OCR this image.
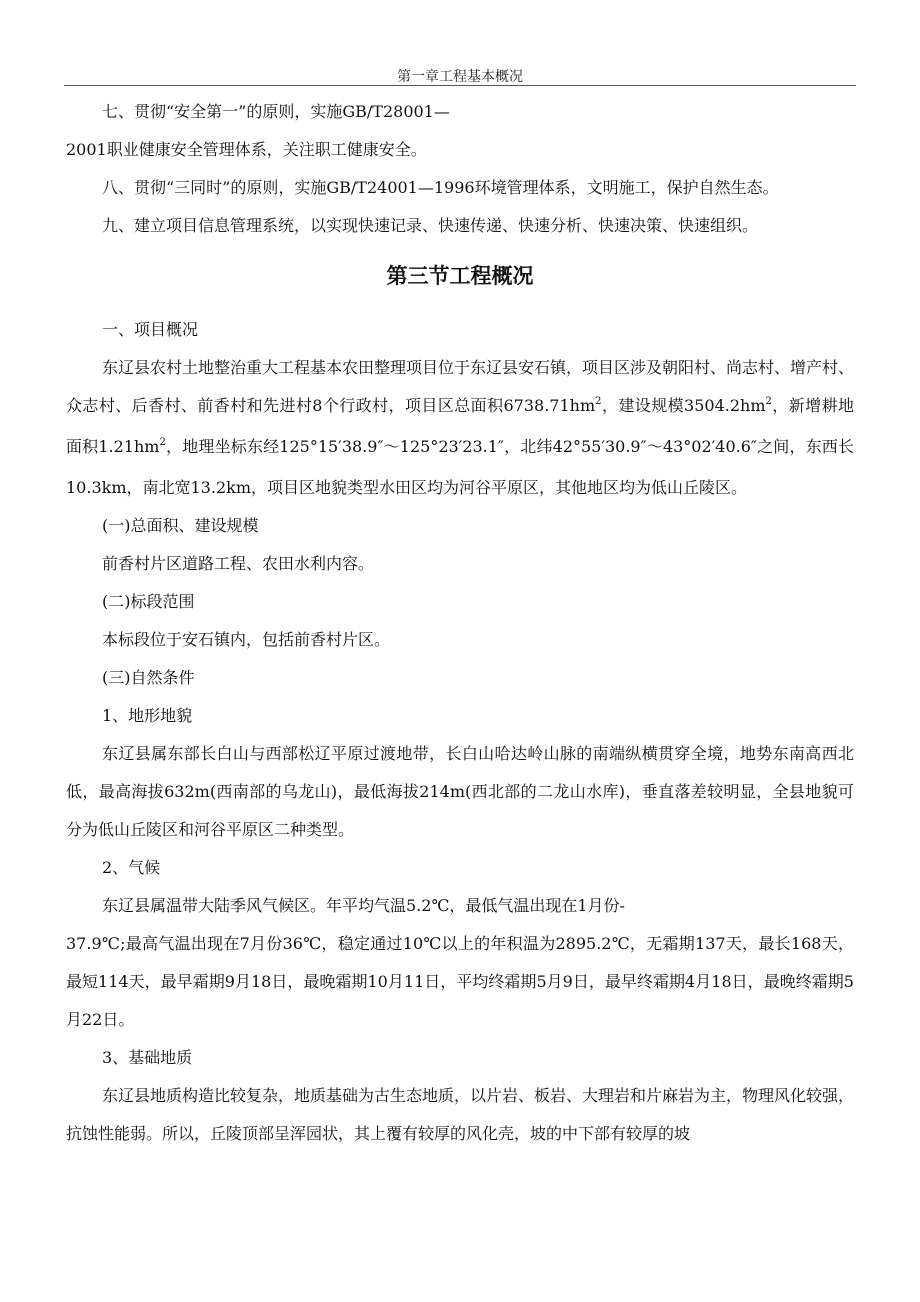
第一章工程基本概况

七、贯彻“安全第一”的原则，实施GB/T28001—

2001职业健康安全管理体系，关注职工健康安全。

八、贯彻“三同时”的原则，实施GB/T24001—1996环境管理体系，文明施工，保护自然生态。

九、建立项目信息管理系统，以实现快速记录、快速传递、快速分析、快速决策、快速组织。

第三节工程概况

一、项目概况

东辽县农村土地整治重大工程基本农田整理项目位于东辽县安石镇，项目区涉及朝阳村、尚志村、增产村、众志村、后香村、前香村和先进村8个行政村，项目区总面积$6738.71hm^2$，建设规模$3504.2hm^2$，新增耕地面积$1.21hm^2$，地理坐标东经125°15′38.9″～125°23′23.1″，北纬42°55′30.9″～43°02′40.6″之间，东西长10.3km，南北宽13.2km，项目区地貌类型水田区均为河谷平原区，其他地区均为低山丘陵区。

(一)总面积、建设规模

前香村片区道路工程、农田水利内容。

(二)标段范围

本标段位于安石镇内，包括前香村片区。

(三)自然条件

1、地形地貌

东辽县属东部长白山与西部松辽平原过渡地带，长白山哈达岭山脉的南端纵横贯穿全境，地势东南高西北低，最高海拔632m(西南部的乌龙山)，最低海拔214m(西北部的二龙山水库)，垂直落差较明显，全县地貌可分为低山丘陵区和河谷平原区二种类型。

2、气候

东辽县属温带大陆季风气候区。年平均气温5.2℃，最低气温出现在1月份-

37.9℃;最高气温出现在7月份36℃，稳定通过10℃以上的年积温为2895.2℃，无霜期137天，最长168天，最短114天，最早霜期9月18日，最晚霜期10月11日，平均终霜期5月9日，最早终霜期4月18日，最晚终霜期5月22日。

3、基础地质

东辽县地质构造比较复杂，地质基础为古生态地质，以片岩、板岩、大理岩和片麻岩为主，物理风化较强，抗蚀性能弱。所以，丘陵顶部呈浑园状，其上覆有较厚的风化壳，坡的中下部有较厚的坡
